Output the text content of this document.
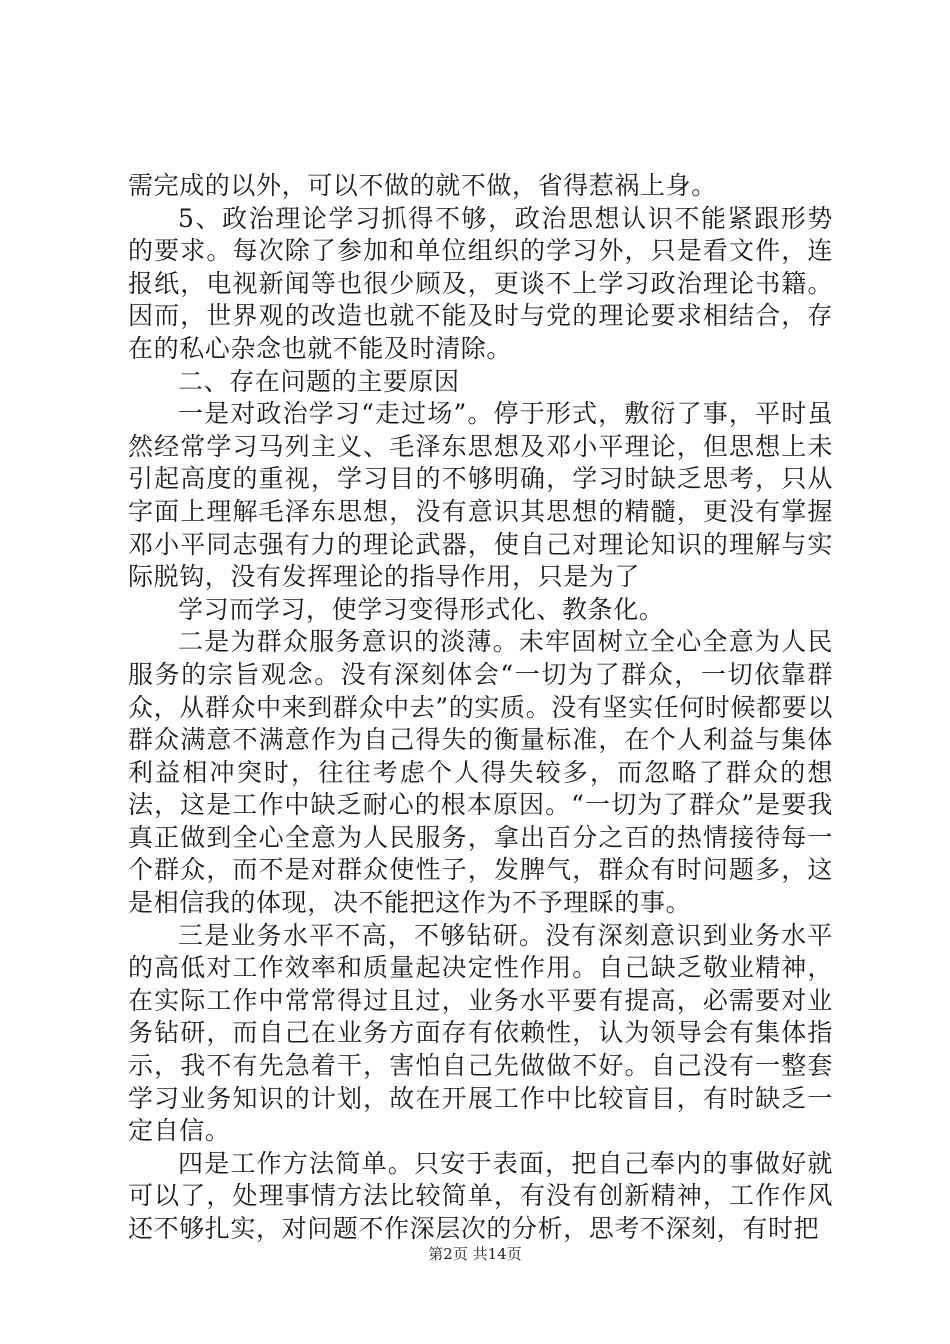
需完成的以外，可以不做的就不做，省得惹祸上身。

5、政治理论学习抓得不够，政治思想认识不能紧跟形势的要求。每次除了参加和单位组织的学习外，只是看文件，连报纸，电视新闻等也很少顾及，更谈不上学习政治理论书籍。因而，世界观的改造也就不能及时与党的理论要求相结合，存在的私心杂念也就不能及时清除。

二、存在问题的主要原因

一是对政治学习“走过场”。停于形式，敷衍了事，平时虽然经常学习马列主义、毛泽东思想及邓小平理论，但思想上未引起高度的重视，学习目的不够明确，学习时缺乏思考，只从字面上理解毛泽东思想，没有意识其思想的精髓，更没有掌握邓小平同志强有力的理论武器，使自己对理论知识的理解与实际脱钩，没有发挥理论的指导作用，只是为了

学习而学习，使学习变得形式化、教条化。

二是为群众服务意识的淡薄。未牢固树立全心全意为人民服务的宗旨观念。没有深刻体会“一切为了群众，一切依靠群众，从群众中来到群众中去”的实质。没有坚实任何时候都要以群众满意不满意作为自己得失的衡量标准，在个人利益与集体利益相冲突时，往往考虑个人得失较多，而忽略了群众的想法，这是工作中缺乏耐心的根本原因。“一切为了群众”是要我真正做到全心全意为人民服务，拿出百分之百的热情接待每一个群众，而不是对群众使性子，发脾气，群众有时问题多，这是相信我的体现，决不能把这作为不予理睬的事。

三是业务水平不高，不够钻研。没有深刻意识到业务水平的高低对工作效率和质量起决定性作用。自己缺乏敬业精神，在实际工作中常常得过且过，业务水平要有提高，必需要对业务钻研，而自己在业务方面存有依赖性，认为领导会有集体指示，我不有先急着干，害怕自己先做做不好。自己没有一整套学习业务知识的计划，故在开展工作中比较盲目，有时缺乏一定自信。

四是工作方法简单。只安于表面，把自己奉内的事做好就可以了，处理事情方法比较简单，有没有创新精神，工作作风还不够扎实，对问题不作深层次的分析，思考不深刻，有时把

第2页 共14页
